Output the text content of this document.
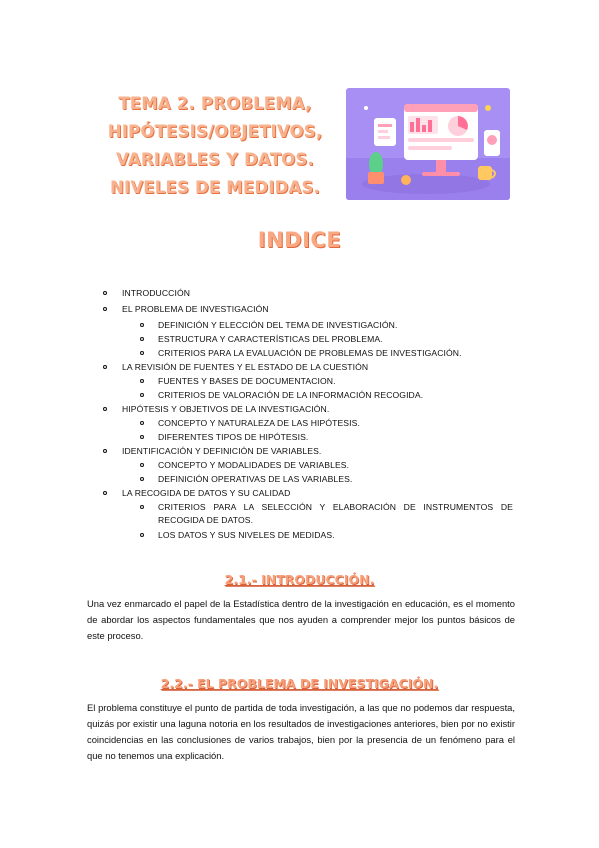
TEMA 2. PROBLEMA,
HIPÓTESIS/OBJETIVOS,
VARIABLES Y DATOS.
NIVELES DE MEDIDAS.
INDICE
INTRODUCCIÓN
EL PROBLEMA DE INVESTIGACIÓN
DEFINICIÓN Y ELECCIÓN DEL TEMA DE INVESTIGACIÓN.
ESTRUCTURA Y CARACTERÍSTICAS DEL PROBLEMA.
CRITERIOS PARA LA EVALUACIÓN DE PROBLEMAS DE INVESTIGACIÓN.
LA REVISIÓN DE FUENTES Y EL ESTADO DE LA CUESTIÓN
FUENTES Y BASES DE DOCUMENTACION.
CRITERIOS DE VALORACIÓN DE LA INFORMACIÓN RECOGIDA.
HIPÓTESIS Y OBJETIVOS DE LA INVESTIGACIÓN.
CONCEPTO Y NATURALEZA DE LAS HIPÓTESIS.
DIFERENTES TIPOS DE HIPÓTESIS.
IDENTIFICACIÓN Y DEFINICIÓN DE VARIABLES.
CONCEPTO Y MODALIDADES DE VARIABLES.
DEFINICIÓN OPERATIVAS DE LAS VARIABLES.
LA RECOGIDA DE DATOS Y SU CALIDAD
CRITERIOS PARA LA SELECCIÓN Y ELABORACIÓN DE INSTRUMENTOS DE RECOGIDA DE DATOS.
LOS DATOS Y SUS NIVELES DE MEDIDAS.
2.1.- INTRODUCCIÓN.
Una vez enmarcado el papel de la Estadística dentro de la investigación en educación, es el momento de abordar los aspectos fundamentales que nos ayuden a comprender mejor los puntos básicos de este proceso.
2.2.- EL PROBLEMA DE INVESTIGACIÓN.
El problema constituye el punto de partida de toda investigación, a las que no podemos dar respuesta, quizás por existir una laguna notoria en los resultados de investigaciones anteriores, bien por no existir coincidencias en las conclusiones de varios trabajos, bien por la presencia de un fenómeno para el que no tenemos una explicación.
